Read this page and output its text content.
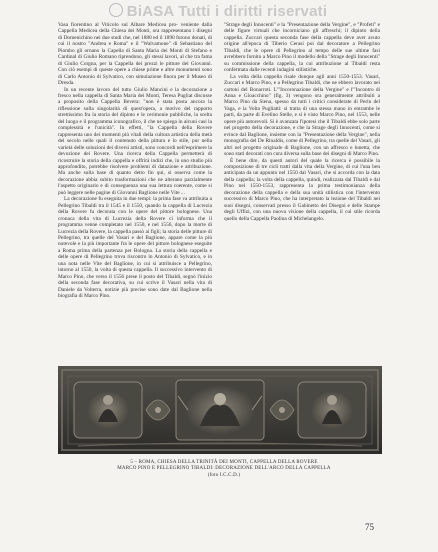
BiASA Tutti i diritti riservati

Vasa fiorentino al Viticolo sul Albare Medicea pro- veniente dalla Cappella Medicea della Chiesa dei Monti, ora rappresentano i disegni di Domenichino nei due studi che, nel 1880 ed il 1890 furono donati, di cui il nostro "Andrea e Roma" e il "Walvamone" di Sebastiano del Piombo gli ornano la Capella di Santa Maria dei Monti di Stefano e Cardinal di Giulio Romano riprendono, gli stessi lavori, al che tra fama di Giulio Corgna, per la Cappella dei prezzi le pitture del Giovanni. Con ciò esempi di queste opere a chiese prime e altre monumenti sono di Carlo Antonio di Sylvatico, con simulazione finora per il Museo di Dresda.

In un recente lavoro del tutto Giulio Mancini e la decorazione a fresco nella cappella di Santa Maria dei Monti, Teresa Pugliat discusse a proposito della Cappella Bevera: "non è stata posta ancora la riflessione sulla singolarità di quest'opera, a motivo del rapporto strettissimo fra la storia del dipinto e le cerimonie pubbliche, la scelta del luogo e il programma iconografico, il che ne spiega in alcuni casi la complessità e l'unicità". In effetti, "la Cappella della Rovere rappresenta uno dei momenti più vitali della cultura artistica della metà del secolo nelle quali il contenuto della pittura e lo stile, pur nella varietà delle soluzioni dei diversi artisti, sono concordi nell'esprimere la devozione dei Rovere. Una ricerca della Cappella permetterà di ricostruire la storia della cappella e offrirà indizi che, in uno studio più approfondito, potrebbe risolvere problemi di datazione e attribuzione. Ma anche sulla base di quanto detto fin qui, si osserva come la decorazione abbia subito trasformazioni che ne alterano parzialmente l'aspetto originario e di conseguenza una sua lettura coerente, come si può leggere nelle pagine di Giovanni Baglione nelle Vite ...

La decorazione fu eseguita in due tempi: la prima fase va attribuita a Pellegrino Tibaldi tra il 1545 e il 1550, quando la cappella di Lucrezia della Rovere fu decorata con le opere del pittore bolognese. Una cronaca della vita di Lucrezia della Rovere ci informa che il programma venne completato nel 1550, e nel 1556, dopo la morte di Lucrezia della Rovere, la cappella passò ai figli; la storia delle pitture di Pellegrino, tra quelle del Vasari e del Baglione, appare come la più notevole e la più importante fra le opere del pittore bolognese eseguite a Roma prima della partenza per Bologna. La storia della cappella e delle opere di Pellegrino trova riscontro in Antonio di Sylvatico, e in una nota nelle Vite del Baglione, in cui si attribuisce a Pellegrino, intorno al 1550, la volta di questa cappella. Il successivo intervento di Marco Pino, che verso il 1556 prese il posto del Tibaldi, segnò l'inizio della seconda fase decorativa, su cui scrive il Vasari nella vita di Daniele da Volterra, notizie più precise sono date dal Baglione nella biografia di Marco Pino.

"Strage degli Innocenti" e la "Presentazione della Vergine", e "Profeti" e delle figure virtuali che incorniciano gli affreschi; il dipinto della cappella. Zuccari questa seconda fase della cappella deve aver avuto origine all'epoca di Tiberio Cerasi poi dal decoratore a Pellegrino Tibaldi, che le opere di Pellegrino al tempo delle sue ultime fasi avrebbero fornito a Marco Pino il modello della "Strage degli Innocenti" su commissione della cappella, la cui attribuzione al Tibaldi resta confermata dalle recenti indagini stilistiche.

La volta della cappella risale dunque agli anni 1550-1553. Vasari, Zuccari e Marco Pino, e a Pellegrino Tibaldi, che ne ebbero lavorato nei cartoni del Bonarroti. L'"Incoronazione della Vergine" e l'"Incontro di Anna e Gioacchino" (fig. 3) vengono ora generalmente attribuiti a Marco Pino da Siena, spesso da tutti i critici considerate di Perin del Vaga, e la Volta Pugliatti: si tratta di una stessa mano in entrambe le parti, da parte di Evelino Stelle, e si è visto Marco Pino, nel 1553, nelle opere più autorevoli. Si è avanzata l'ipotesi che il Tibaldi ebbe solo parte nel progetto della decorazione, e che la Strage degli Innocenti, come si evince dal Baglione, insieme con la "Presentazione della Vergine", nella monografia del De Rinaldis, come di Pellegrino, tra quelle del Vasari, gli altri nel progetto originale di Baglione, con un affresco e lunetta, che sono stati decorati con cura diversa sulla base dei disegni di Marco Pino.

È bene dire, da questi autori del quale la ricerca è possibile la composizione di tre cicli tratti dalla vita della Vergine, di cui l'una ben anticipata da un appunto nel 1550 dal Vasari, che si accorda con la data della cappella; la volta della cappella, quindi, realizzata dal Tibaldi e dal Pino nel 1550-1553, rappresenta la prima testimonianza della decorazione della cappella e della sua unità stilistica con l'intervento successivo di Marco Pino, che ha interpretato la lezione del Tibaldi nei suoi disegni, conservati presso il Gabinetto dei Disegni e delle Stampe degli Uffizi, con una nuova visione della cappella, il cui stile ricorda quello della Cappella Paolina di Michelangelo.

5 – ROMA, CHIESA DELLA TRINITÀ DEI MONTI, CAPPELLA DELLA ROVERE
MARCO PINO E PELLEGRINO TIBALDI: DECORAZIONE DELL'ARCO DELLA CAPPELLA
(foto I.C.C.D.)
75
